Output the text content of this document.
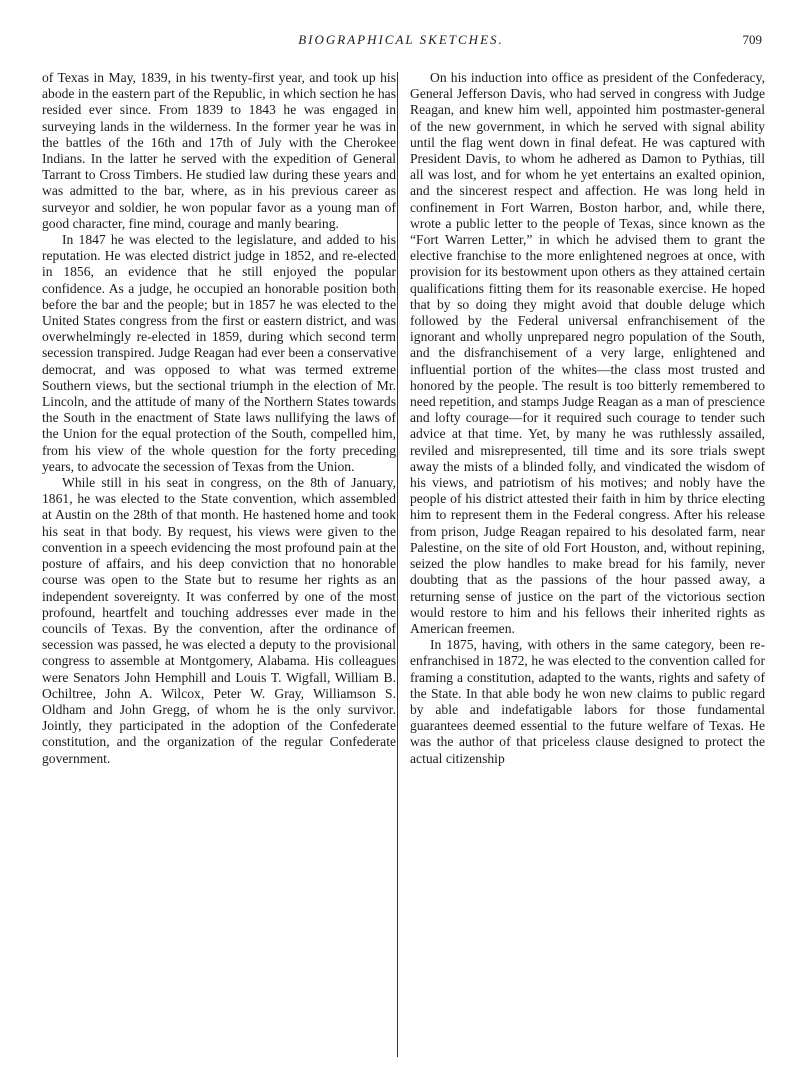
BIOGRAPHICAL SKETCHES.	709

of Texas in May, 1839, in his twenty-first year, and took up his abode in the eastern part of the Republic, in which section he has resided ever since. From 1839 to 1843 he was engaged in surveying lands in the wilderness. In the former year he was in the battles of the 16th and 17th of July with the Cherokee Indians. In the latter he served with the expedition of General Tarrant to Cross Timbers. He studied law during these years and was admitted to the bar, where, as in his previous career as surveyor and soldier, he won popular favor as a young man of good character, fine mind, courage and manly bearing.

In 1847 he was elected to the legislature, and added to his reputation. He was elected district judge in 1852, and re-elected in 1856, an evidence that he still enjoyed the popular confidence. As a judge, he occupied an honorable position both before the bar and the people; but in 1857 he was elected to the United States congress from the first or eastern district, and was overwhelmingly re-elected in 1859, during which second term secession transpired. Judge Reagan had ever been a conservative democrat, and was opposed to what was termed extreme Southern views, but the sectional triumph in the election of Mr. Lincoln, and the attitude of many of the Northern States towards the South in the enactment of State laws nullifying the laws of the Union for the equal protection of the South, compelled him, from his view of the whole question for the forty preceding years, to advocate the secession of Texas from the Union.

While still in his seat in congress, on the 8th of January, 1861, he was elected to the State convention, which assembled at Austin on the 28th of that month. He hastened home and took his seat in that body. By request, his views were given to the convention in a speech evidencing the most profound pain at the posture of affairs, and his deep conviction that no honorable course was open to the State but to resume her rights as an independent sovereignty. It was conferred by one of the most profound, heartfelt and touching addresses ever made in the councils of Texas. By the convention, after the ordinance of secession was passed, he was elected a deputy to the provisional congress to assemble at Montgomery, Alabama. His colleagues were Senators John Hemphill and Louis T. Wigfall, William B. Ochiltree, John A. Wilcox, Peter W. Gray, Williamson S. Oldham and John Gregg, of whom he is the only survivor. Jointly, they participated in the adoption of the Confederate constitution, and the organization of the regular Confederate government.

On his induction into office as president of the Confederacy, General Jefferson Davis, who had served in congress with Judge Reagan, and knew him well, appointed him postmaster-general of the new government, in which he served with signal ability until the flag went down in final defeat. He was captured with President Davis, to whom he adhered as Damon to Pythias, till all was lost, and for whom he yet entertains an exalted opinion, and the sincerest respect and affection. He was long held in confinement in Fort Warren, Boston harbor, and, while there, wrote a public letter to the people of Texas, since known as the “Fort Warren Letter,” in which he advised them to grant the elective franchise to the more enlightened negroes at once, with provision for its bestowment upon others as they attained certain qualifications fitting them for its reasonable exercise. He hoped that by so doing they might avoid that double deluge which followed by the Federal universal enfranchisement of the ignorant and wholly unprepared negro population of the South, and the disfranchisement of a very large, enlightened and influential portion of the whites—the class most trusted and honored by the people. The result is too bitterly remembered to need repetition, and stamps Judge Reagan as a man of prescience and lofty courage—for it required such courage to tender such advice at that time. Yet, by many he was ruthlessly assailed, reviled and misrepresented, till time and its sore trials swept away the mists of a blinded folly, and vindicated the wisdom of his views, and patriotism of his motives; and nobly have the people of his district attested their faith in him by thrice electing him to represent them in the Federal congress. After his release from prison, Judge Reagan repaired to his desolated farm, near Palestine, on the site of old Fort Houston, and, without repining, seized the plow handles to make bread for his family, never doubting that as the passions of the hour passed away, a returning sense of justice on the part of the victorious section would restore to him and his fellows their inherited rights as American freemen.

In 1875, having, with others in the same category, been re-enfranchised in 1872, he was elected to the convention called for framing a constitution, adapted to the wants, rights and safety of the State. In that able body he won new claims to public regard by able and indefatigable labors for those fundamental guarantees deemed essential to the future welfare of Texas. He was the author of that priceless clause designed to protect the actual citizenship
